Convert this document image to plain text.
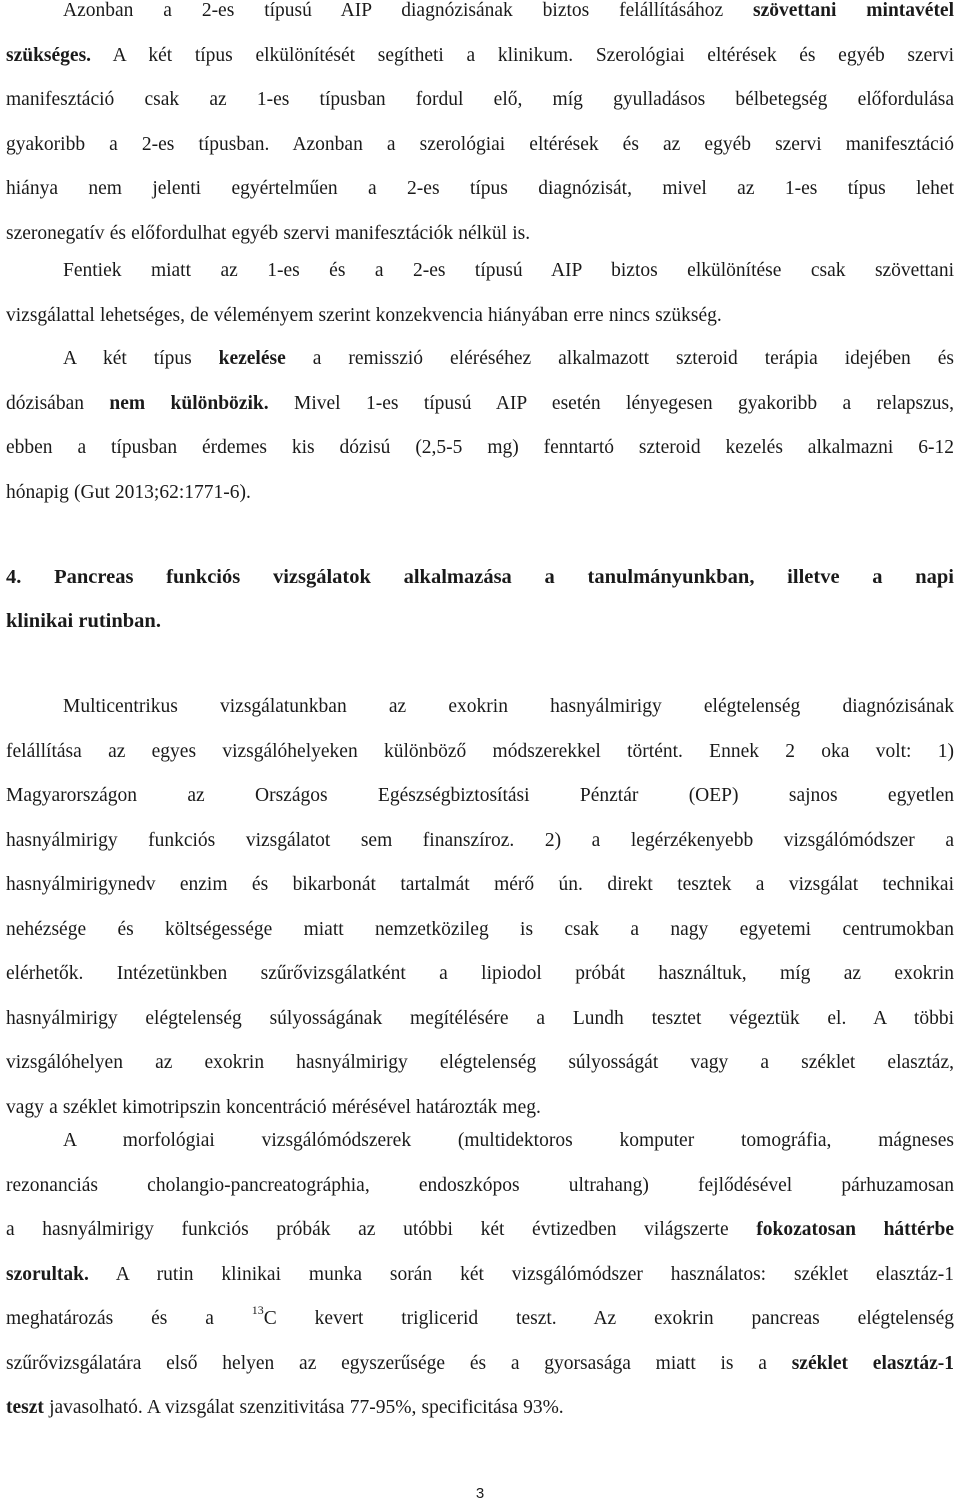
Azonban a 2-es típusú AIP diagnózisának biztos felállításához szövettani mintavétel
szükséges. A két típus elkülönítését segítheti a klinikum. Szerológiai eltérések és egyéb szervi
manifesztáció csak az 1-es típusban fordul elő, míg gyulladásos bélbetegség előfordulása
gyakoribb a 2-es típusban. Azonban a szerológiai eltérések és az egyéb szervi manifesztáció
hiánya nem jelenti egyértelműen a 2-es típus diagnózisát, mivel az 1-es típus lehet
szeronegatív és előfordulhat egyéb szervi manifesztációk nélkül is.

Fentiek miatt az 1-es és a 2-es típusú AIP biztos elkülönítése csak szövettani
vizsgálattal lehetséges, de véleményem szerint konzekvencia hiányában erre nincs szükség.

A két típus kezelése a remisszió eléréséhez alkalmazott szteroid terápia idejében és
dózisában nem különbözik. Mivel 1-es típusú AIP esetén lényegesen gyakoribb a relapszus,
ebben a típusban érdemes kis dózisú (2,5-5 mg) fenntartó szteroid kezelés alkalmazni 6-12
hónapig (Gut 2013;62:1771-6).

4. Pancreas funkciós vizsgálatok alkalmazása a tanulmányunkban, illetve a napi
klinikai rutinban.

Multicentrikus vizsgálatunkban az exokrin hasnyálmirigy elégtelenség diagnózisának
felállítása az egyes vizsgálóhelyeken különböző módszerekkel történt. Ennek 2 oka volt: 1)
Magyarországon az Országos Egészségbiztosítási Pénztár (OEP) sajnos egyetlen
hasnyálmirigy funkciós vizsgálatot sem finanszíroz. 2) a legérzékenyebb vizsgálómódszer a
hasnyálmirigynedv enzim és bikarbonát tartalmát mérő ún. direkt tesztek a vizsgálat technikai
nehézsége és költségessége miatt nemzetközileg is csak a nagy egyetemi centrumokban
elérhetők. Intézetünkben szűrővizsgálatként a lipiodol próbát használtuk, míg az exokrin
hasnyálmirigy elégtelenség súlyosságának megítélésére a Lundh tesztet végeztük el. A többi
vizsgálóhelyen az exokrin hasnyálmirigy elégtelenség súlyosságát vagy a széklet elasztáz,
vagy a széklet kimotripszin koncentráció mérésével határozták meg.

A morfológiai vizsgálómódszerek (multidektoros komputer tomográfia, mágneses
rezonanciás cholangio-pancreatográphia, endoszkópos ultrahang) fejlődésével párhuzamosan
a hasnyálmirigy funkciós próbák az utóbbi két évtizedben világszerte fokozatosan háttérbe
szorultak. A rutin klinikai munka során két vizsgálómódszer használatos: széklet elasztáz-1
meghatározás és a	$^{13}$C kevert triglicerid teszt. Az exokrin pancreas elégtelenség
szűrővizsgálatára első helyen az egyszerűsége és a gyorsasága miatt is a széklet elasztáz-1
teszt javasolható. A vizsgálat szenzitivitása 77-95%, specificitása 93%.

3
